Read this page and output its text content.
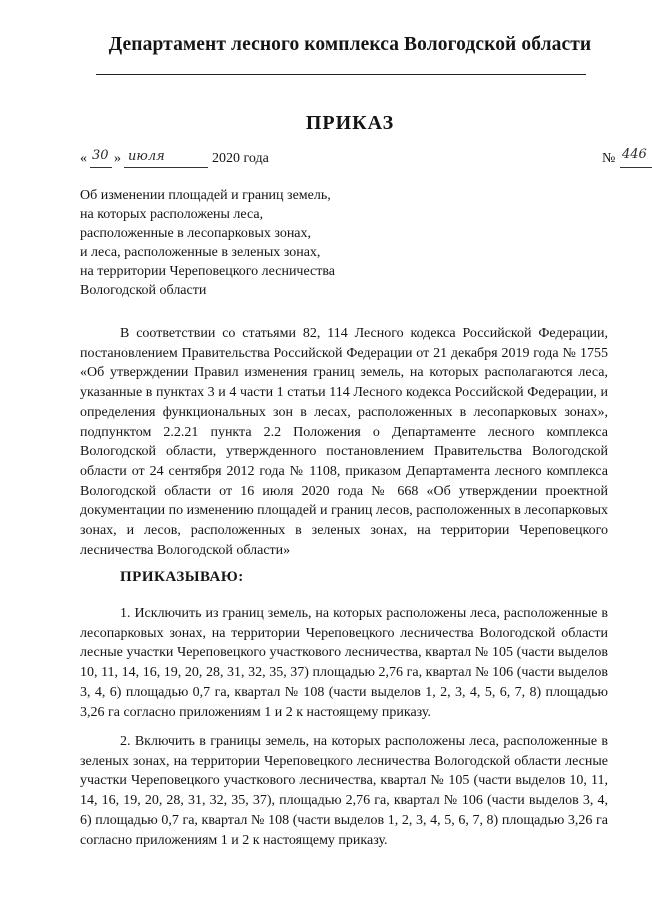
Департамент лесного комплекса Вологодской области
ПРИКАЗ
« 30 » июля	2020 года	№ 446
Об изменении площадей и границ земель,
на которых расположены леса,
расположенные в лесопарковых зонах,
и леса, расположенные в зеленых зонах,
на территории Череповецкого лесничества
Вологодской области
В соответствии со статьями 82, 114 Лесного кодекса Российской Федерации, постановлением Правительства Российской Федерации от 21 декабря 2019 года № 1755 «Об утверждении Правил изменения границ земель, на которых располагаются леса, указанные в пунктах 3 и 4 части 1 статьи 114 Лесного кодекса Российской Федерации, и определения функциональных зон в лесах, расположенных в лесопарковых зонах», подпунктом 2.2.21 пункта 2.2 Положения о Департаменте лесного комплекса Вологодской области, утвержденного постановлением Правительства Вологодской области от 24 сентября 2012 года № 1108, приказом Департамента лесного комплекса Вологодской области от 16 июля 2020 года № 668 «Об утверждении проектной документации по изменению площадей и границ лесов, расположенных в лесопарковых зонах, и лесов, расположенных в зеленых зонах, на территории Череповецкого лесничества Вологодской области»
ПРИКАЗЫВАЮ:
1. Исключить из границ земель, на которых расположены леса, расположенные в лесопарковых зонах, на территории Череповецкого лесничества Вологодской области лесные участки Череповецкого участкового лесничества, квартал № 105 (части выделов 10, 11, 14, 16, 19, 20, 28, 31, 32, 35, 37) площадью 2,76 га, квартал № 106 (части выделов 3, 4, 6) площадью 0,7 га, квартал № 108 (части выделов 1, 2, 3, 4, 5, 6, 7, 8) площадью 3,26 га согласно приложениям 1 и 2 к настоящему приказу.
2. Включить в границы земель, на которых расположены леса, расположенные в зеленых зонах, на территории Череповецкого лесничества Вологодской области лесные участки Череповецкого участкового лесничества, квартал № 105 (части выделов 10, 11, 14, 16, 19, 20, 28, 31, 32, 35, 37), площадью 2,76 га, квартал № 106 (части выделов 3, 4, 6) площадью 0,7 га, квартал № 108 (части выделов 1, 2, 3, 4, 5, 6, 7, 8) площадью 3,26 га согласно приложениям 1 и 2 к настоящему приказу.
